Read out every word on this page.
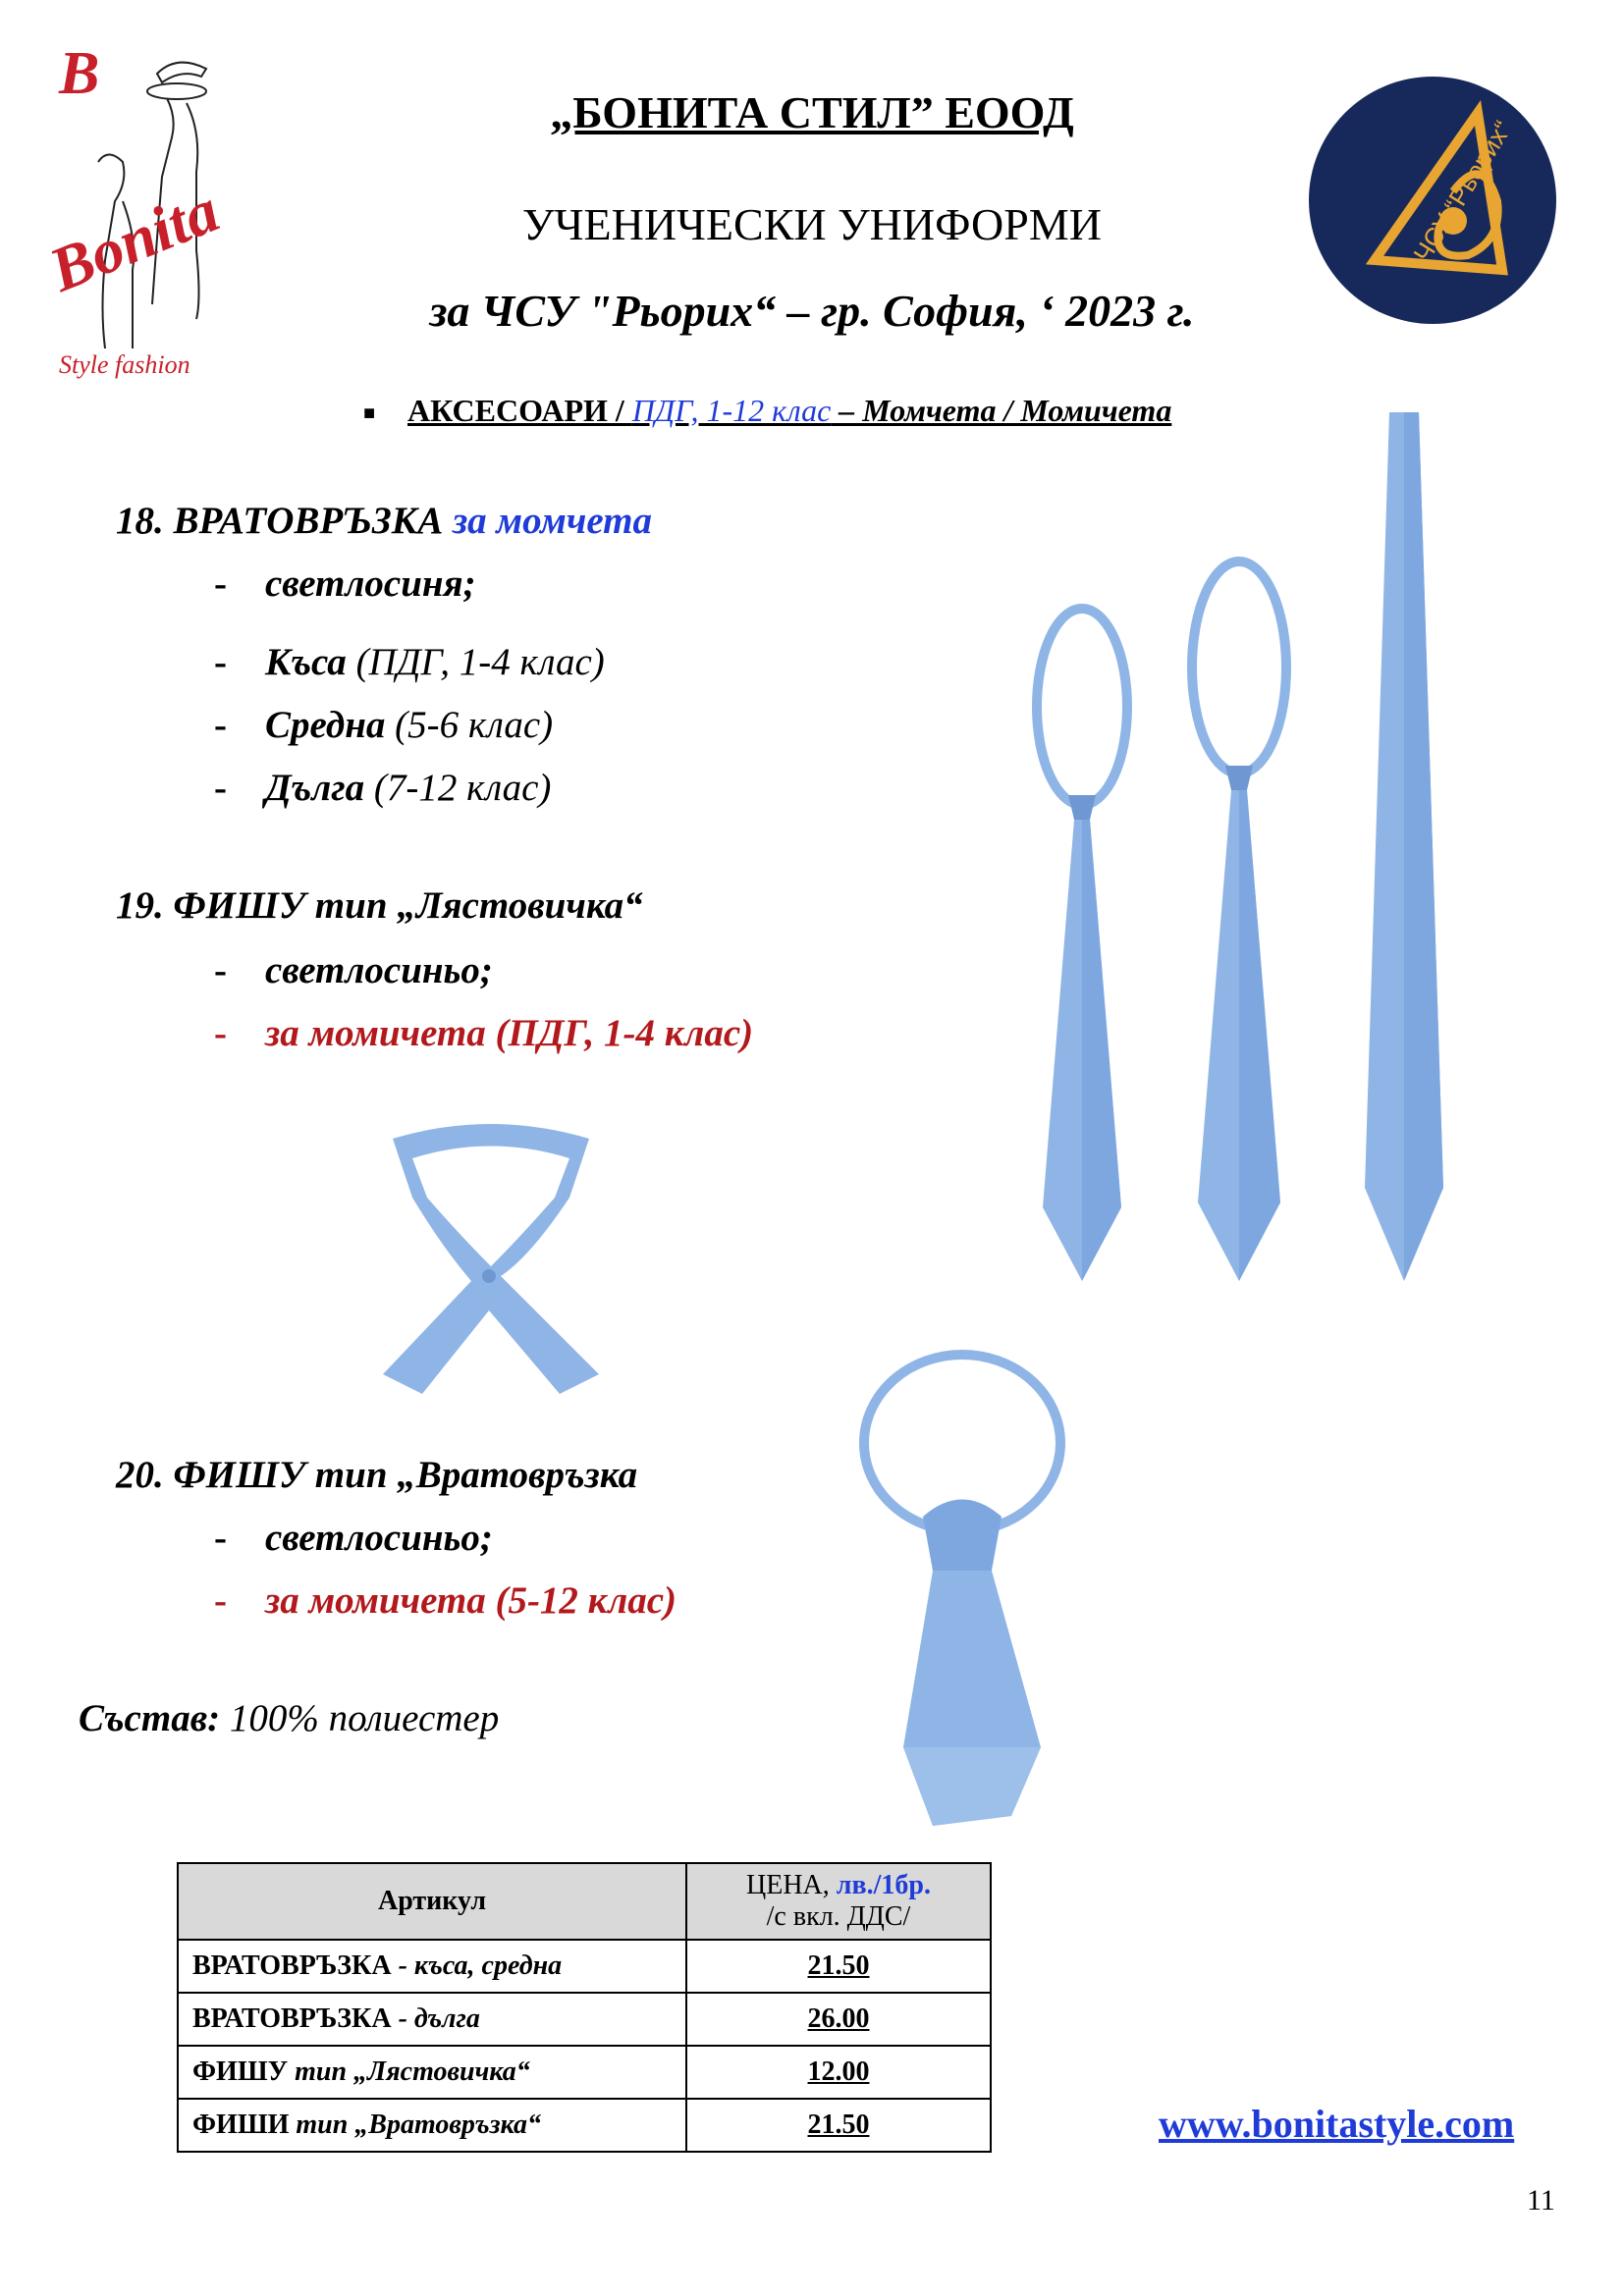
B
Bonita
Style fashion
ЧСУ “Рьорих“
„БОНИТА СТИЛ” ЕООД
УЧЕНИЧЕСКИ УНИФОРМИ
за ЧСУ "Рьорих“ – гр. София, ‘ 2023 г.
■ АКСЕСОАРИ / ПДГ, 1-12 клас – Момчета / Момичета
18. ВРАТОВРЪЗКА за момчета
- светлосиня;
- Къса (ПДГ, 1-4 клас)
- Средна (5-6 клас)
- Дълга (7-12 клас)
19. ФИШУ тип „Лястовичка“
- светлосиньо;
- за момичета (ПДГ, 1-4 клас)
20. ФИШУ тип „Вратовръзка
- светлосиньо;
- за момичета (5-12 клас)
Състав: 100% полиестер
Артикул	ЦЕНА, лв./1бр.
/с вкл. ДДС/
ВРАТОВРЪЗКА - къса, средна	21.50
ВРАТОВРЪЗКА - дълга	26.00
ФИШУ тип „Лястовичка“	12.00
ФИШИ тип „Вратовръзка“	21.50	www.bonitastyle.com
11
